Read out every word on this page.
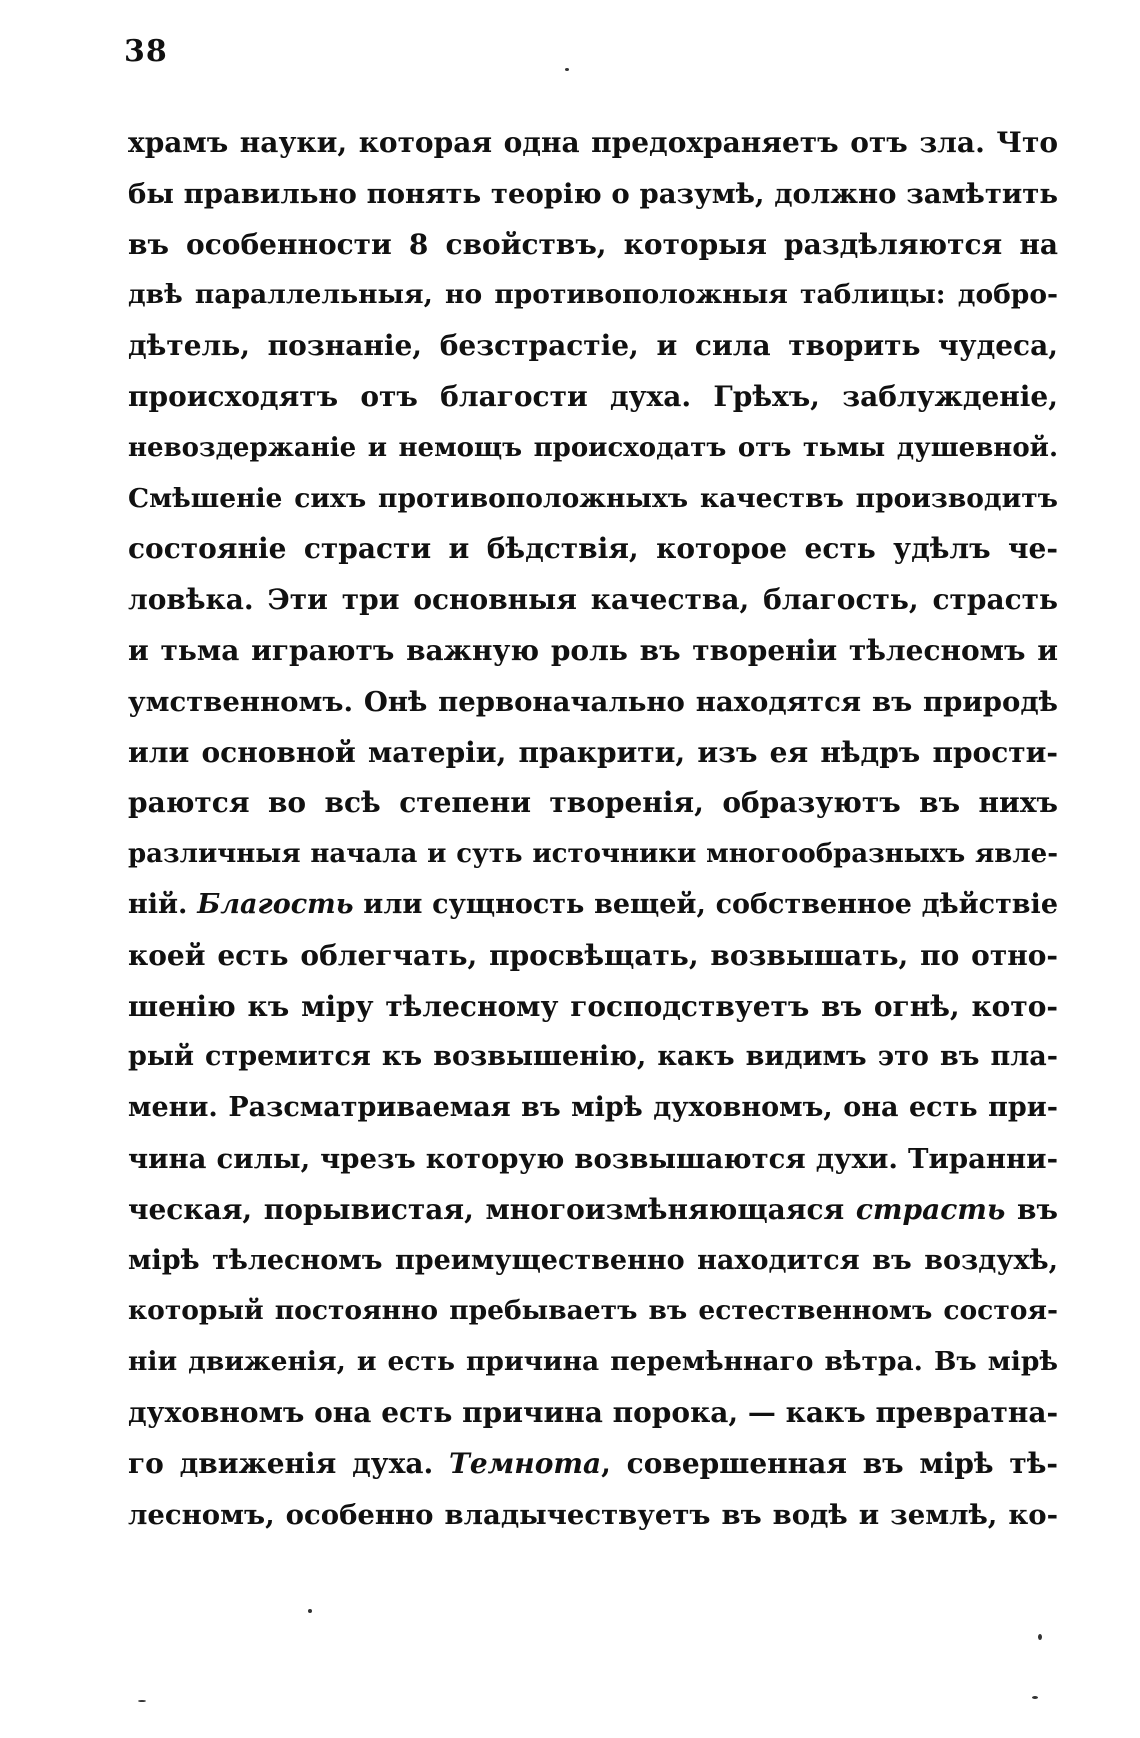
38
храмъ науки, которая одна предохраняетъ отъ зла. Что
бы правильно понять теорію о разумѣ, должно замѣтить
въ особенности 8 свойствъ, которыя раздѣляются на
двѣ параллельныя, но противоположныя таблицы: добро-
дѣтель, познаніе, безстрастіе, и сила творить чудеса,
происходятъ отъ благости духа. Грѣхъ, заблужденіе,
невоздержаніе и немощъ происходатъ отъ тьмы душевной.
Смѣшеніе сихъ противоположныхъ качествъ производитъ
состояніе страсти и бѣдствія, которое есть удѣлъ че-
ловѣка. Эти три основныя качества, благость, страсть
и тьма играютъ важную роль въ твореніи тѣлесномъ и
умственномъ. Онѣ первоначально находятся въ природѣ
или основной матеріи, пракрити, изъ ея нѣдръ прости-
раются во всѣ степени творенія, образуютъ въ нихъ
различныя начала и суть источники многообразныхъ явле-
ній. Благость или сущность вещей, собственное дѣйствіе
коей есть облегчать, просвѣщать, возвышать, по отно-
шенію къ міру тѣлесному господствуетъ въ огнѣ, кото-
рый стремится къ возвышенію, какъ видимъ это въ пла-
мени. Разсматриваемая въ мірѣ духовномъ, она есть при-
чина силы, чрезъ которую возвышаются духи. Тиранни-
ческая, порывистая, многоизмѣняющаяся страсть въ
мірѣ тѣлесномъ преимущественно находится въ воздухѣ,
который постоянно пребываетъ въ естественномъ состоя-
ніи движенія, и есть причина перемѣннаго вѣтра. Въ мірѣ
духовномъ она есть причина порока, — какъ превратна-
го движенія духа. Темнота, совершенная въ мірѣ тѣ-
лесномъ, особенно владычествуетъ въ водѣ и землѣ, ко-
